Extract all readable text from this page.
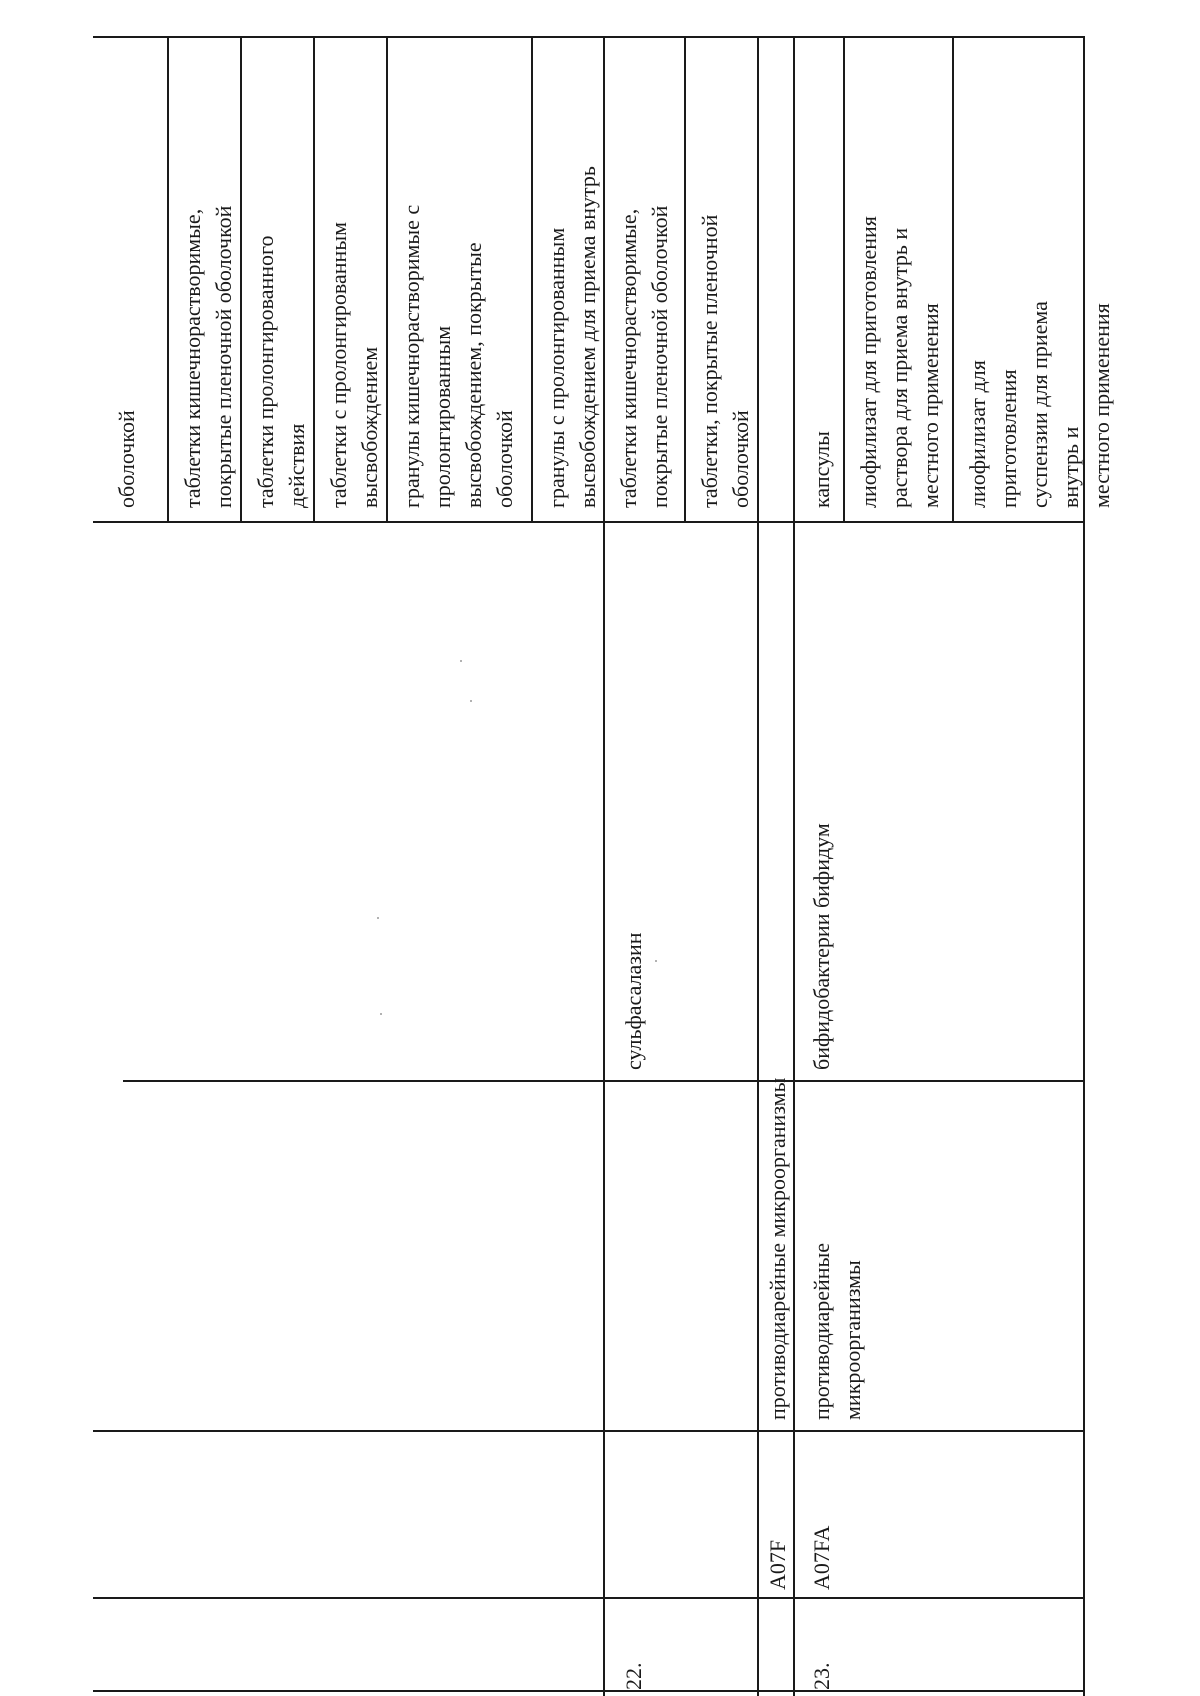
оболочкой таблетки кишечнорастворимые,
покрытые пленочной оболочкой
таблетки пролонгированного
действия таблетки с пролонгированным
высвобождением гранулы кишечнорастворимые с
пролонгированным
высвобождением, покрытые
оболочкой гранулы с пролонгированным
высвобождением для приема внутрь
22.
сульфасалазин
таблетки кишечнорастворимые,
покрытые пленочной оболочкой
таблетки, покрытые пленочной
оболочкой
A07F
противодиарейные микроорганизмы
23.
A07FA
противодиарейные
микроорганизмы
бифидобактерии бифидум
капсулы лиофилизат для приготовления
раствора для приема внутрь и
местного применения
лиофилизат для приготовления
суспензии для приема внутрь и
местного применения
